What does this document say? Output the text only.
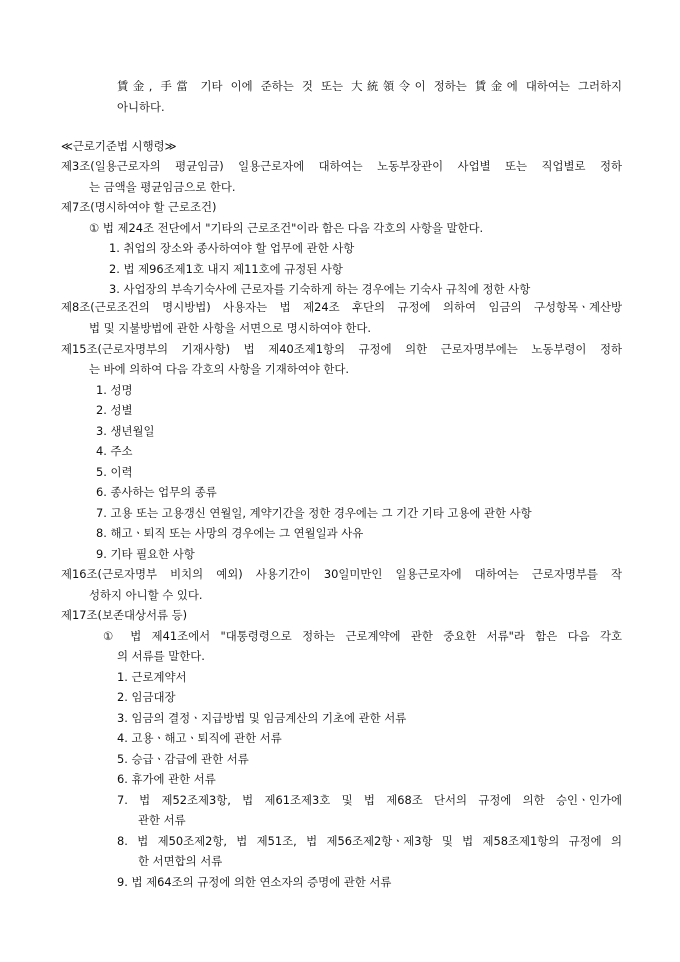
賃金, 手當 기타 이에 준하는 것 또는 大統領令이 정하는 賃金에 대하여는 그러하지
아니하다.
≪근로기준법 시행령≫
제3조(일용근로자의 평균임금) 일용근로자에 대하여는 노동부장관이 사업별 또는 직업별로 정하
는 금액을 평균임금으로 한다.
제7조(명시하여야 할 근로조건)
① 법 제24조 전단에서 "기타의 근로조건"이라 함은 다음 각호의 사항을 말한다.
1. 취업의 장소와 종사하여야 할 업무에 관한 사항
2. 법 제96조제1호 내지 제11호에 규정된 사항
3. 사업장의 부속기숙사에 근로자를 기숙하게 하는 경우에는 기숙사 규칙에 정한 사항
제8조(근로조건의 명시방법) 사용자는 법 제24조 후단의 규정에 의하여 임금의 구성항목ㆍ계산방
법 및 지불방법에 관한 사항을 서면으로 명시하여야 한다.
제15조(근로자명부의 기재사항) 법 제40조제1항의 규정에 의한 근로자명부에는 노동부령이 정하
는 바에 의하여 다음 각호의 사항을 기재하여야 한다.
1. 성명
2. 성별
3. 생년월일
4. 주소
5. 이력
6. 종사하는 업무의 종류
7. 고용 또는 고용갱신 연월일, 계약기간을 정한 경우에는 그 기간 기타 고용에 관한 사항
8. 해고ㆍ퇴직 또는 사망의 경우에는 그 연월일과 사유
9. 기타 필요한 사항
제16조(근로자명부 비치의 예외) 사용기간이 30일미만인 일용근로자에 대하여는 근로자명부를 작
성하지 아니할 수 있다.
제17조(보존대상서류 등)
① 법 제41조에서 "대통령령으로 정하는 근로계약에 관한 중요한 서류"라 함은 다음 각호
의 서류를 말한다.
1. 근로계약서
2. 임금대장
3. 임금의 결정ㆍ지급방법 및 임금계산의 기초에 관한 서류
4. 고용ㆍ해고ㆍ퇴직에 관한 서류
5. 승급ㆍ감급에 관한 서류
6. 휴가에 관한 서류
7. 법 제52조제3항, 법 제61조제3호 및 법 제68조 단서의 규정에 의한 승인ㆍ인가에
관한 서류
8. 법 제50조제2항, 법 제51조, 법 제56조제2항ㆍ제3항 및 법 제58조제1항의 규정에 의
한 서면합의 서류
9. 법 제64조의 규정에 의한 연소자의 증명에 관한 서류
